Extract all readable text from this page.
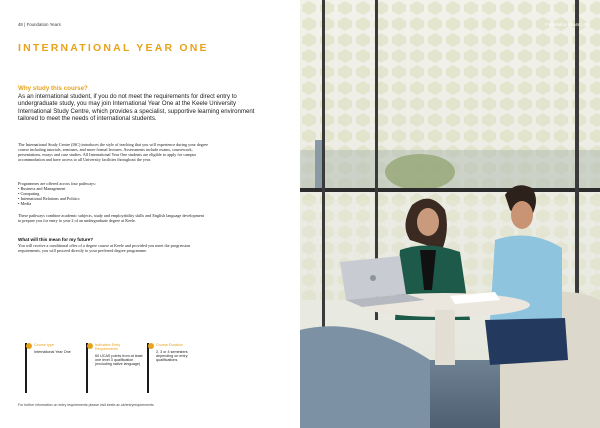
48 | Foundation Years
INTERNATIONAL YEAR ONE
Why study this course?
As an international student, if you do not meet the requirements for direct entry to undergraduate study, you may join International Year One at the Keele University International Study Centre, which provides a specialist, supportive learning environment tailored to meet the needs of international students.
The International Study Centre (ISC) introduces the style of teaching that you will experience during your degree course including tutorials, seminars, and more formal lectures. Assessments include exams, coursework, presentations, essays and case studies. All International Year One students are eligible to apply for campus accommodation and have access to all University facilities throughout the year.
Programmes are offered across four pathways:
• Business and Management
• Computing
• International Relations and Politics
• Media
These pathways combine academic subjects, study and employability skills and English language development to prepare you for entry to year 2 of an undergraduate degree at Keele.
What will this mean for my future?
You will receive a conditional offer of a degree course at Keele and provided you meet the progression requirements, you will proceed directly to your preferred degree programme.
Course type
International Year One
Indicative Entry Requirements
60 UCAS points from at least one level 3 qualification (excluding native language)
Course Duration
2, 3 or 4 semesters depending on entry qualifications
For further information on entry requirements please visit keele.ac.uk/entryrequirements
Foundation Years | 49
